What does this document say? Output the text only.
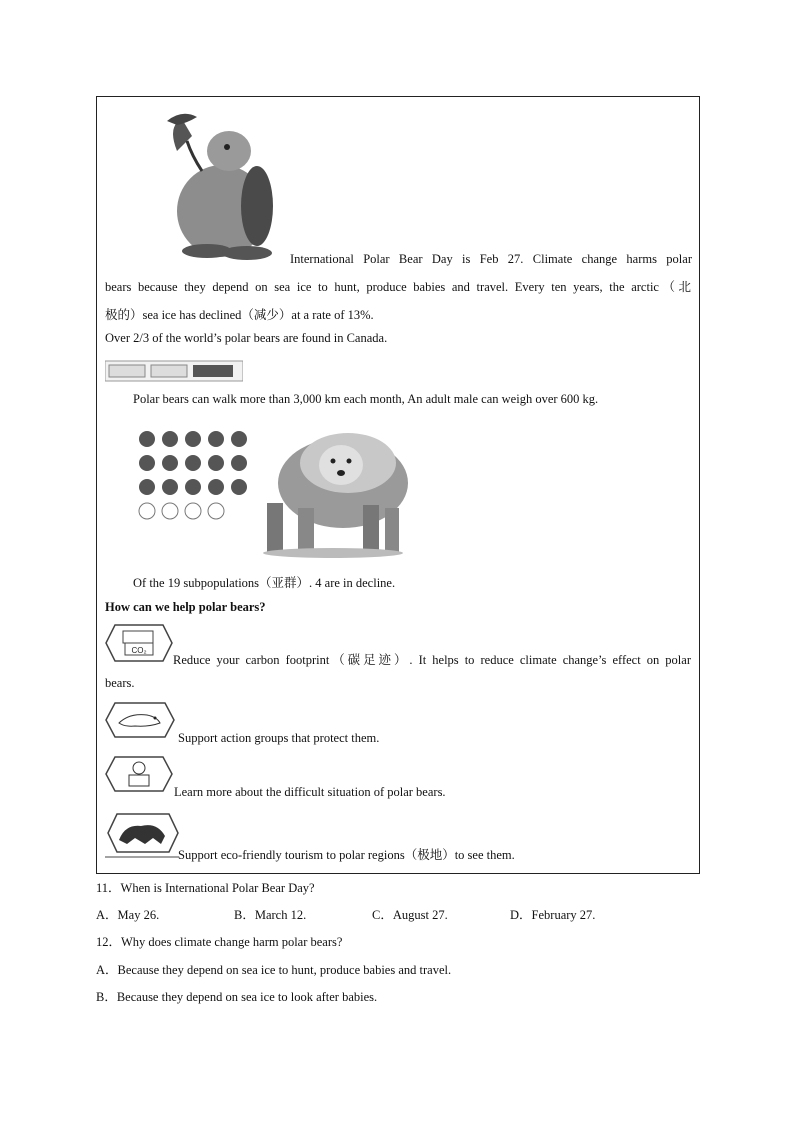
International Polar Bear Day is Feb 27. Climate change harms polar
bears because they depend on sea ice to hunt, produce babies and travel. Every ten years, the arctic（北
极的）sea ice has declined（减少）at a rate of 13%.
Over 2/3 of the world’s polar bears are found in Canada.
Polar bears can walk more than 3,000 km each month, An adult male can weigh over 600 kg.
Of the 19 subpopulations（亚群）. 4 are in decline.
How can we help polar bears?
CO₂
Reduce your carbon footprint（碳足迹）. It helps to reduce climate change’s effect on polar
bears.
Support action groups that protect them.
Learn more about the difficult situation of polar bears.
Support eco-friendly tourism to polar regions（极地）to see them.
11．When is International Polar Bear Day?
A．May 26.	B．March 12.	C．August 27.	D．February 27.
12．Why does climate change harm polar bears?
A．Because they depend on sea ice to hunt, produce babies and travel.
B．Because they depend on sea ice to look after babies.
